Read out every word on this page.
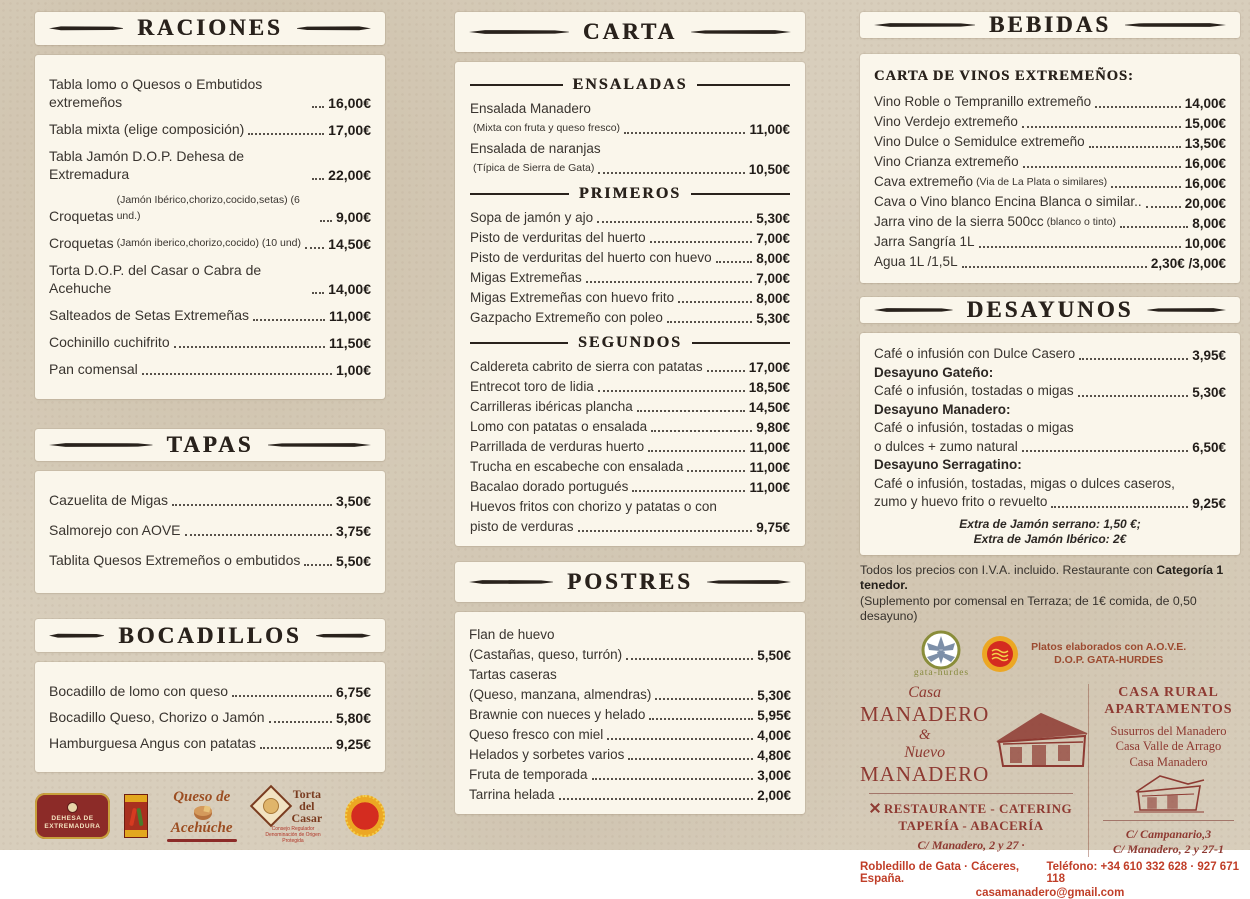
RACIONES
Tabla lomo o Quesos o Embutidos extremeños	16,00€
Tabla mixta (elige composición)	17,00€
Tabla Jamón D.O.P. Dehesa de Extremadura	22,00€
Croquetas
(Jamón Ibérico,chorizo,cocido,setas) (6 und.)	9,00€
Croquetas (Jamón iberico,chorizo,cocido) (10 und) 14,50€
Torta D.O.P. del Casar o Cabra de Acehuche	14,00€
Salteados de Setas Extremeñas	11,00€
Cochinillo cuchifrito	11,50€
Pan comensal	1,00€
TAPAS
Cazuelita de Migas	3,50€
Salmorejo con AOVE	3,75€
Tablita Quesos Extremeños o embutidos	5,50€
BOCADILLOS
Bocadillo de lomo con queso	6,75€
Bocadillo Queso, Chorizo o Jamón	5,80€
Hamburguesa Angus con patatas	9,25€
DEHESA DE EXTREMADURA
Queso de
Acehúche
Torta
del
Casar
Consejo Regulador
Denominación de Origen Protegida
CARTA
ENSALADAS
Ensalada Manadero
(Mixta con fruta y queso fresco)	11,00€
Ensalada de naranjas
(Típica de Sierra de Gata)	10,50€
PRIMEROS
Sopa de jamón y ajo	5,30€
Pisto de verduritas del huerto	7,00€
Pisto de verduritas del huerto con huevo	8,00€
Migas Extremeñas	7,00€
Migas Extremeñas con huevo frito	8,00€
Gazpacho Extremeño con poleo	5,30€
SEGUNDOS
Caldereta cabrito de sierra con patatas	17,00€
Entrecot toro de lidia	18,50€
Carrilleras ibéricas plancha	14,50€
Lomo con patatas o ensalada	9,80€
Parrillada de verduras huerto	11,00€
Trucha en escabeche con ensalada	11,00€
Bacalao dorado portugués	11,00€
Huevos fritos con chorizo y patatas o con
pisto de verduras	9,75€
POSTRES
Flan de huevo
(Castañas, queso, turrón)	5,50€
Tartas caseras
(Queso, manzana, almendras)	5,30€
Brawnie con nueces y helado	5,95€
Queso fresco con miel	4,00€
Helados y sorbetes varios	4,80€
Fruta de temporada	3,00€
Tarrina helada	2,00€
BEBIDAS
CARTA DE VINOS EXTREMEÑOS:
Vino Roble o Tempranillo extremeño	14,00€
Vino Verdejo extremeño	15,00€
Vino Dulce o Semidulce extremeño	13,50€
Vino Crianza extremeño	16,00€
Cava extremeño (Via de La Plata o similares)	16,00€
Cava o Vino blanco Encina Blanca o similar..	20,00€
Jarra vino de la sierra 500cc (blanco o tinto)	8,00€
Jarra Sangría 1L	10,00€
Agua 1L /1,5L	2,30€ /3,00€
DESAYUNOS
Café o infusión con Dulce Casero	3,95€
Desayuno Gateño:
Café o infusión, tostadas o migas	5,30€
Desayuno Manadero:
Café o infusión, tostadas o migas
o dulces + zumo natural	6,50€
Desayuno Serragatino:
Café o infusión, tostadas, migas o dulces caseros,
zumo y huevo frito o revuelto	9,25€
Extra de Jamón serrano: 1,50 €;
Extra de Jamón Ibérico: 2€
Todos los precios con I.V.A. incluido. Restaurante con Categoría 1 tenedor.
(Suplemento por comensal en Terraza; de 1€ comida, de 0,50 desayuno)
gata-hurdes
Platos elaborados con A.O.V.E.
D.O.P. GATA-HURDES
Casa
MANADERO
&
Nuevo
MANADERO
RESTAURANTE - CATERING
TAPERÍA - ABACERÍA
C/ Manadero, 2 y 27 ·
CASA RURAL
APARTAMENTOS
Susurros del Manadero
Casa Valle de Arrago
Casa Manadero
C/ Campanario,3
C/ Manadero, 2 y 27-1
Robledillo de Gata · Cáceres, España.
Teléfono: +34 610 332 628 · 927 671 118
casamanadero@gmail.com
